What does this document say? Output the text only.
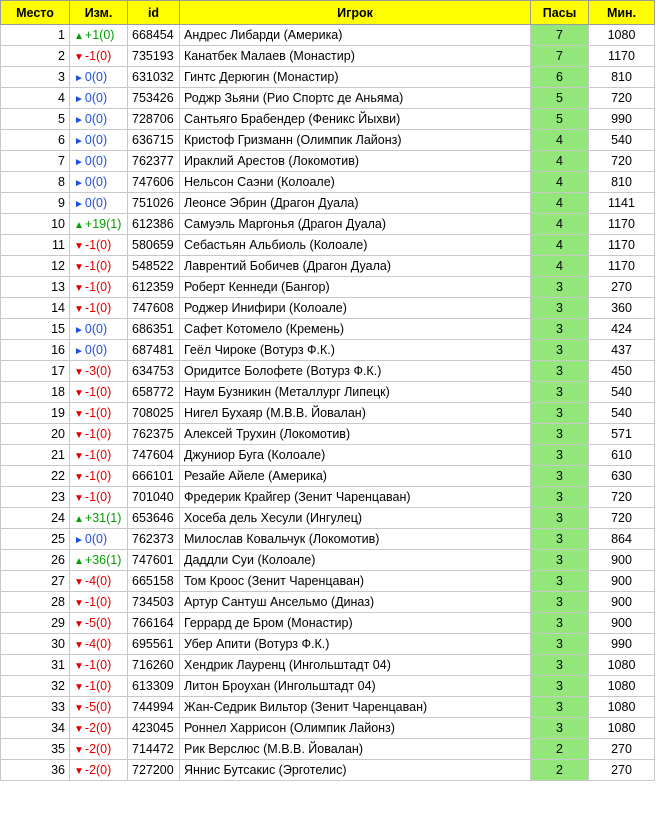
Место	Изм.	id	Игрок	Пасы	Мин.
1	▲+1(0)	668454	Андрес Либарди (Америка)	7	1080
2	▼-1(0)	735193	Канатбек Малаев (Монастир)	7	1170
3	►0(0)	631032	Гинтс Дерюгин (Монастир)	6	810
4	►0(0)	753426	Роджр Зьяни (Рио Спортс де Аньяма)	5	720
5	►0(0)	728706	Сантьяго Брабендер (Феникс Йыхви)	5	990
6	►0(0)	636715	Кристоф Гризманн (Олимпик Лайонз)	4	540
7	►0(0)	762377	Ираклий Арестов (Локомотив)	4	720
8	►0(0)	747606	Нельсон Саэни (Колоале)	4	810
9	►0(0)	751026	Леонсе Эбрин (Драгон Дуала)	4	1141
10	▲+19(1)	612386	Самуэль Маргонья (Драгон Дуала)	4	1170
11	▼-1(0)	580659	Себастьян Альбиоль (Колоале)	4	1170
12	▼-1(0)	548522	Лаврентий Бобичев (Драгон Дуала)	4	1170
13	▼-1(0)	612359	Роберт Кеннеди (Бангор)	3	270
14	▼-1(0)	747608	Роджер Инифири (Колоале)	3	360
15	►0(0)	686351	Сафет Котомело (Кремень)	3	424
16	►0(0)	687481	Геёл Чироке (Вотурз Ф.К.)	3	437
17	▼-3(0)	634753	Оридитсе Болофете (Вотурз Ф.К.)	3	450
18	▼-1(0)	658772	Наум Бузникин (Металлург Липецк)	3	540
19	▼-1(0)	708025	Нигел Бухаяр (М.В.В. Йовалан)	3	540
20	▼-1(0)	762375	Алексей Трухин (Локомотив)	3	571
21	▼-1(0)	747604	Джуниор Буга (Колоале)	3	610
22	▼-1(0)	666101	Резайе Айеле (Америка)	3	630
23	▼-1(0)	701040	Фредерик Крайгер (Зенит Чаренцаван)	3	720
24	▲+31(1)	653646	Хосеба дель Хесули (Ингулец)	3	720
25	►0(0)	762373	Милослав Ковальчук (Локомотив)	3	864
26	▲+36(1)	747601	Даддли Суи (Колоале)	3	900
27	▼-4(0)	665158	Том Кроос (Зенит Чаренцаван)	3	900
28	▼-1(0)	734503	Артур Сантуш Ансельмо (Диназ)	3	900
29	▼-5(0)	766164	Геррард де Бром (Монастир)	3	900
30	▼-4(0)	695561	Убер Апити (Вотурз Ф.К.)	3	990
31	▼-1(0)	716260	Хендрик Лауренц (Ингольштадт 04)	3	1080
32	▼-1(0)	613309	Литон Броухан (Ингольштадт 04)	3	1080
33	▼-5(0)	744994	Жан-Седрик Вильтор (Зенит Чаренцаван)	3	1080
34	▼-2(0)	423045	Роннел Харрисон (Олимпик Лайонз)	3	1080
35	▼-2(0)	714472	Рик Верслюс (М.В.В. Йовалан)	2	270
36	▼-2(0)	727200	Яннис Бутсакис (Эрготелис)	2	270
